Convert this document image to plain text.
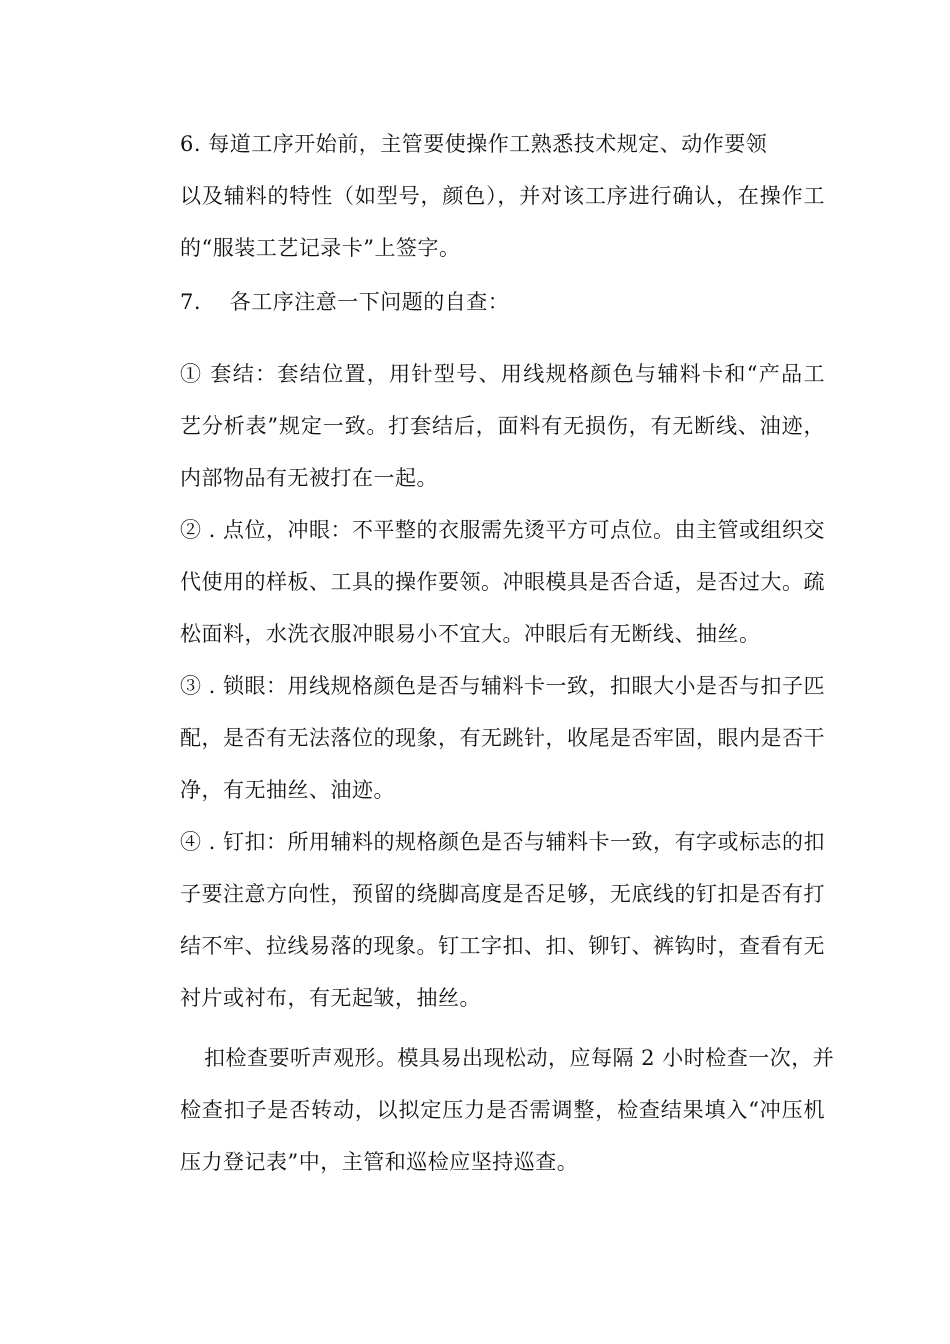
6. 每道工序开始前，主管要使操作工熟悉技术规定、动作要领
以及辅料的特性（如型号，颜色），并对该工序进行确认，在操作工
的“服装工艺记录卡”上签字。
7.    各工序注意一下问题的自查：
① 套结：套结位置，用针型号、用线规格颜色与辅料卡和“产品工
艺分析表”规定一致。打套结后，面料有无损伤，有无断线、油迹，
内部物品有无被打在一起。
② . 点位，冲眼：不平整的衣服需先烫平方可点位。由主管或组织交
代使用的样板、工具的操作要领。冲眼模具是否合适，是否过大。疏
松面料，水洗衣服冲眼易小不宜大。冲眼后有无断线、抽丝。
③ . 锁眼：用线规格颜色是否与辅料卡一致，扣眼大小是否与扣子匹
配，是否有无法落位的现象，有无跳针，收尾是否牢固，眼内是否干
净，有无抽丝、油迹。
④ . 钉扣：所用辅料的规格颜色是否与辅料卡一致，有字或标志的扣
子要注意方向性，预留的绕脚高度是否足够，无底线的钉扣是否有打
结不牢、拉线易落的现象。钉工字扣、扣、铆钉、裤钩时，查看有无
衬片或衬布，有无起皱，抽丝。
扣检查要听声观形。模具易出现松动，应每隔 2 小时检查一次，并
检查扣子是否转动，以拟定压力是否需调整，检查结果填入“冲压机
压力登记表”中，主管和巡检应坚持巡查。
